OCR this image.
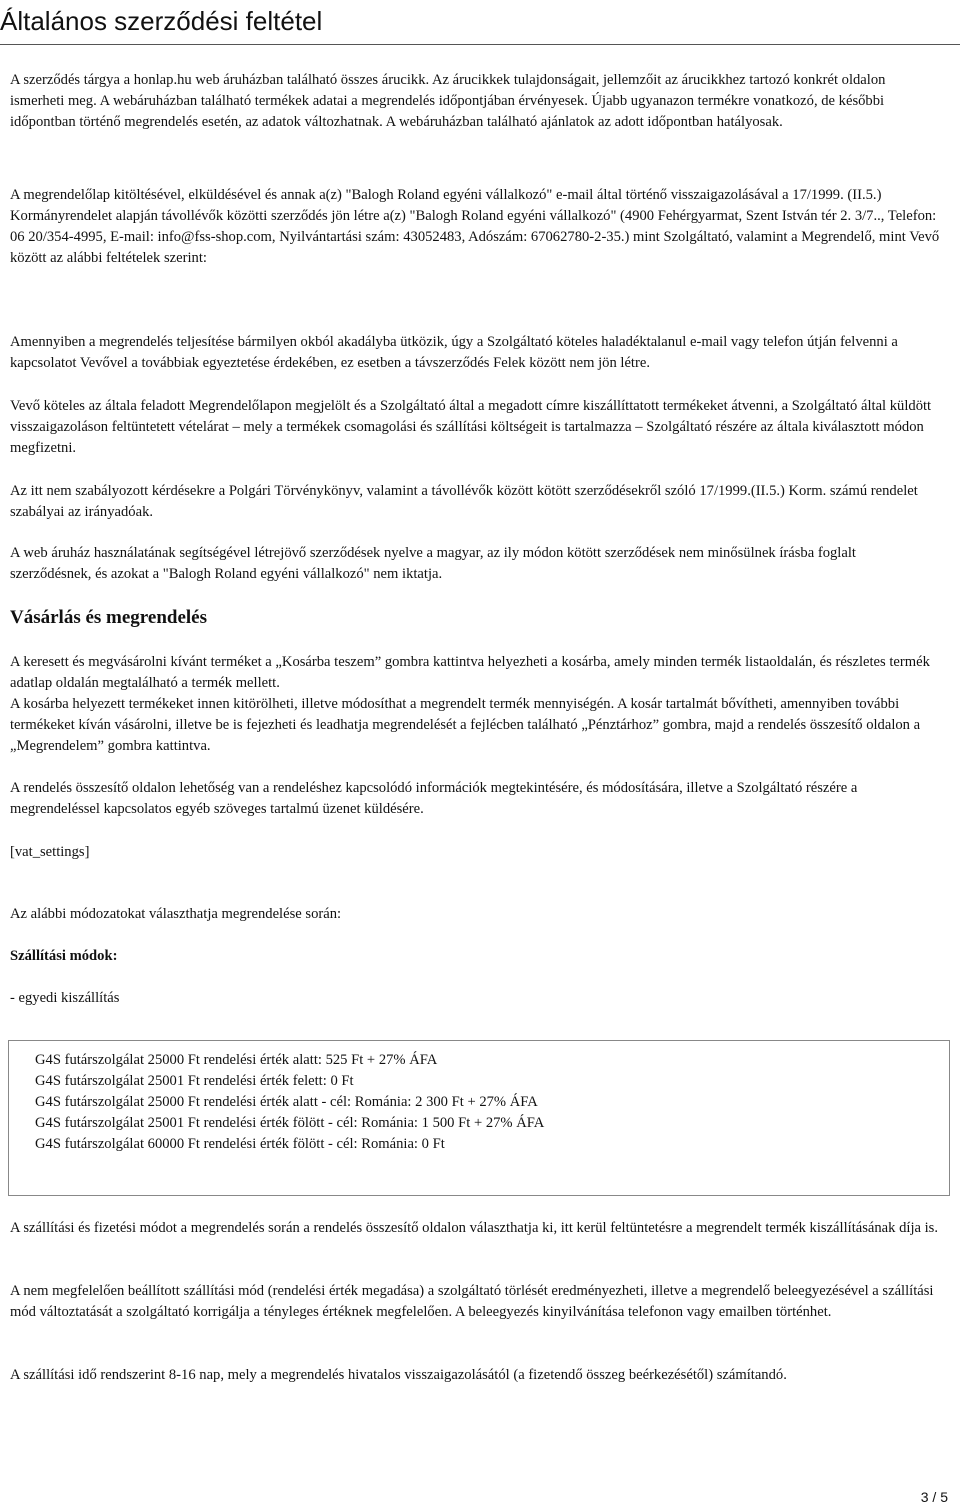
Általános szerződési feltétel

A szerződés tárgya a honlap.hu web áruházban található összes árucikk. Az árucikkek tulajdonságait, jellemzőit az árucikkhez tartozó konkrét oldalon ismerheti meg. A webáruházban található termékek adatai a megrendelés időpontjában érvényesek. Újabb ugyanazon termékre vonatkozó, de későbbi időpontban történő megrendelés esetén, az adatok változhatnak. A webáruházban található ajánlatok az adott időpontban hatályosak.

A megrendelőlap kitöltésével, elküldésével és annak a(z) "Balogh Roland egyéni vállalkozó" e-mail által történő visszaigazolásával a 17/1999. (II.5.) Kormányrendelet alapján távollévők közötti szerződés jön létre a(z) "Balogh Roland egyéni vállalkozó" (4900 Fehérgyarmat, Szent István tér 2. 3/7.., Telefon: 06 20/354-4995, E-mail: info@fss-shop.com, Nyilvántartási szám: 43052483, Adószám: 67062780-2-35.) mint Szolgáltató, valamint a Megrendelő, mint Vevő között az alábbi feltételek szerint:

Amennyiben a megrendelés teljesítése bármilyen okból akadályba ütközik, úgy a Szolgáltató köteles haladéktalanul e-mail vagy telefon útján felvenni a kapcsolatot Vevővel a továbbiak egyeztetése érdekében, ez esetben a távszerződés Felek között nem jön létre.

Vevő köteles az általa feladott Megrendelőlapon megjelölt és a Szolgáltató által a megadott címre kiszállíttatott termékeket átvenni, a Szolgáltató által küldött visszaigazoláson feltüntetett vételárat – mely a termékek csomagolási és szállítási költségeit is tartalmazza – Szolgáltató részére az általa kiválasztott módon megfizetni.

Az itt nem szabályozott kérdésekre a Polgári Törvénykönyv, valamint a távollévők között kötött szerződésekről szóló 17/1999.(II.5.) Korm. számú rendelet szabályai az irányadóak.

A web áruház használatának segítségével létrejövő szerződések nyelve a magyar, az ily módon kötött szerződések nem minősülnek írásba foglalt szerződésnek, és azokat a "Balogh Roland egyéni vállalkozó" nem iktatja.

Vásárlás és megrendelés

A keresett és megvásárolni kívánt terméket a „Kosárba teszem” gombra kattintva helyezheti a kosárba, amely minden termék listaoldalán, és részletes termék adatlap oldalán megtalálható a termék mellett.

A kosárba helyezett termékeket innen kitörölheti, illetve módosíthat a megrendelt termék mennyiségén. A kosár tartalmát bővítheti, amennyiben további termékeket kíván vásárolni, illetve be is fejezheti és leadhatja megrendelését a fejlécben található „Pénztárhoz” gombra, majd a rendelés összesítő oldalon a „Megrendelem” gombra kattintva.

A rendelés összesítő oldalon lehetőség van a rendeléshez kapcsolódó információk megtekintésére, és módosítására, illetve a Szolgáltató részére a megrendeléssel kapcsolatos egyéb szöveges tartalmú üzenet küldésére.

[vat_settings]

Az alábbi módozatokat választhatja megrendelése során:

Szállítási módok:

- egyedi kiszállítás

G4S futárszolgálat 25000 Ft rendelési érték alatt: 525 Ft + 27% ÁFA
G4S futárszolgálat 25001 Ft rendelési érték felett: 0 Ft
G4S futárszolgálat 25000 Ft rendelési érték alatt - cél: Románia: 2 300 Ft + 27% ÁFA
G4S futárszolgálat 25001 Ft rendelési érték fölött - cél: Románia: 1 500 Ft + 27% ÁFA
G4S futárszolgálat 60000 Ft rendelési érték fölött - cél: Románia: 0 Ft

A szállítási és fizetési módot a megrendelés során a rendelés összesítő oldalon választhatja ki, itt kerül feltüntetésre a megrendelt termék kiszállításának díja is.

A nem megfelelően beállított szállítási mód (rendelési érték megadása) a szolgáltató törlését eredményezheti, illetve a megrendelő beleegyezésével a szállítási mód változtatását a szolgáltató korrigálja a tényleges értéknek megfelelően. A beleegyezés kinyilvánítása telefonon vagy emailben történhet.

A szállítási idő rendszerint 8-16 nap, mely a megrendelés hivatalos visszaigazolásától (a fizetendő összeg beérkezésétől) számítandó.

3 / 5
